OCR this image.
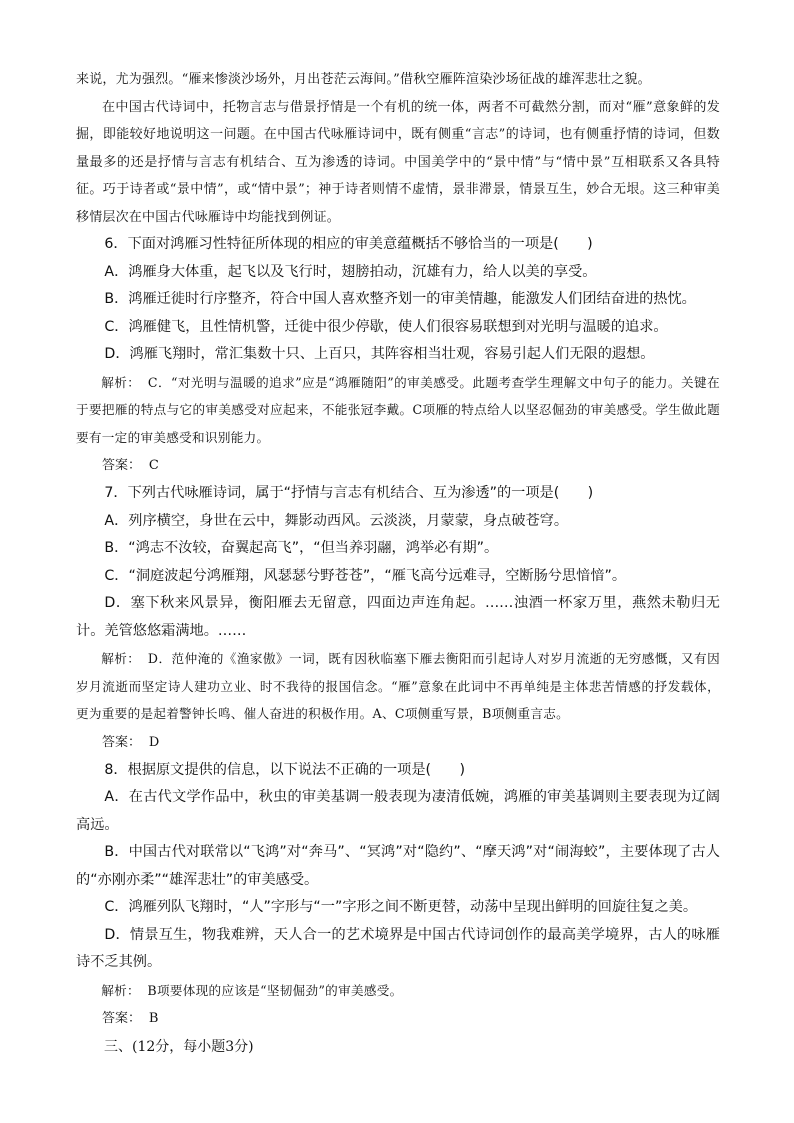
来说，尤为强烈。“雁来惨淡沙场外，月出苍茫云海间。”借秋空雁阵渲染沙场征战的雄浑悲壮之貌。

在中国古代诗词中，托物言志与借景抒情是一个有机的统一体，两者不可截然分割，而对“雁”意象鲜的发掘，即能较好地说明这一问题。在中国古代咏雁诗词中，既有侧重“言志”的诗词，也有侧重抒情的诗词，但数量最多的还是抒情与言志有机结合、互为渗透的诗词。中国美学中的“景中情”与“情中景”互相联系又各具特征。巧于诗者或“景中情”，或“情中景”；神于诗者则情不虚情，景非滞景，情景互生，妙合无垠。这三种审美移情层次在中国古代咏雁诗中均能找到例证。

6．下面对鸿雁习性特征所体现的相应的审美意蕴概括不够恰当的一项是(　　)

A．鸿雁身大体重，起飞以及飞行时，翅膀拍动，沉雄有力，给人以美的享受。

B．鸿雁迁徙时行序整齐，符合中国人喜欢整齐划一的审美情趣，能激发人们团结奋进的热忱。

C．鸿雁健飞，且性情机警，迁徙中很少停歇，使人们很容易联想到对光明与温暖的追求。

D．鸿雁飞翔时，常汇集数十只、上百只，其阵容相当壮观，容易引起人们无限的遐想。

解析： C．“对光明与温暖的追求”应是“鸿雁随阳”的审美感受。此题考查学生理解文中句子的能力。关键在于要把雁的特点与它的审美感受对应起来，不能张冠李戴。C项雁的特点给人以坚忍倔劲的审美感受。学生做此题要有一定的审美感受和识别能力。

答案： C

7．下列古代咏雁诗词，属于“抒情与言志有机结合、互为渗透”的一项是(　　)

A．列序横空，身世在云中，舞影动西风。云淡淡，月蒙蒙，身点破苍穹。

B．“鸿志不汝较，奋翼起高飞”，“但当养羽翮，鸿举必有期”。

C．“洞庭波起兮鸿雁翔，风瑟瑟兮野苍苍”，“雁飞高兮远难寻，空断肠兮思愔愔”。

D．塞下秋来风景异，衡阳雁去无留意，四面边声连角起。……浊酒一杯家万里，燕然未勒归无计。羌管悠悠霜满地。……

解析： D．范仲淹的《渔家傲》一词，既有因秋临塞下雁去衡阳而引起诗人对岁月流逝的无穷感慨，又有因岁月流逝而坚定诗人建功立业、时不我待的报国信念。“雁”意象在此词中不再单纯是主体悲苦情感的抒发载体，更为重要的是起着警钟长鸣、催人奋进的积极作用。A、C项侧重写景，B项侧重言志。

答案： D

8．根据原文提供的信息，以下说法不正确的一项是(　　)

A．在古代文学作品中，秋虫的审美基调一般表现为凄清低婉，鸿雁的审美基调则主要表现为辽阔高远。

B．中国古代对联常以“飞鸿”对“奔马”、“冥鸿”对“隐约”、“摩天鸿”对“闹海蛟”，主要体现了古人的“亦刚亦柔”“雄浑悲壮”的审美感受。

C．鸿雁列队飞翔时，“人”字形与“一”字形之间不断更替，动荡中呈现出鲜明的回旋往复之美。

D．情景互生，物我难辨，天人合一的艺术境界是中国古代诗词创作的最高美学境界，古人的咏雁诗不乏其例。

解析： B项要体现的应该是“坚韧倔劲”的审美感受。

答案： B

三、(12分，每小题3分)
